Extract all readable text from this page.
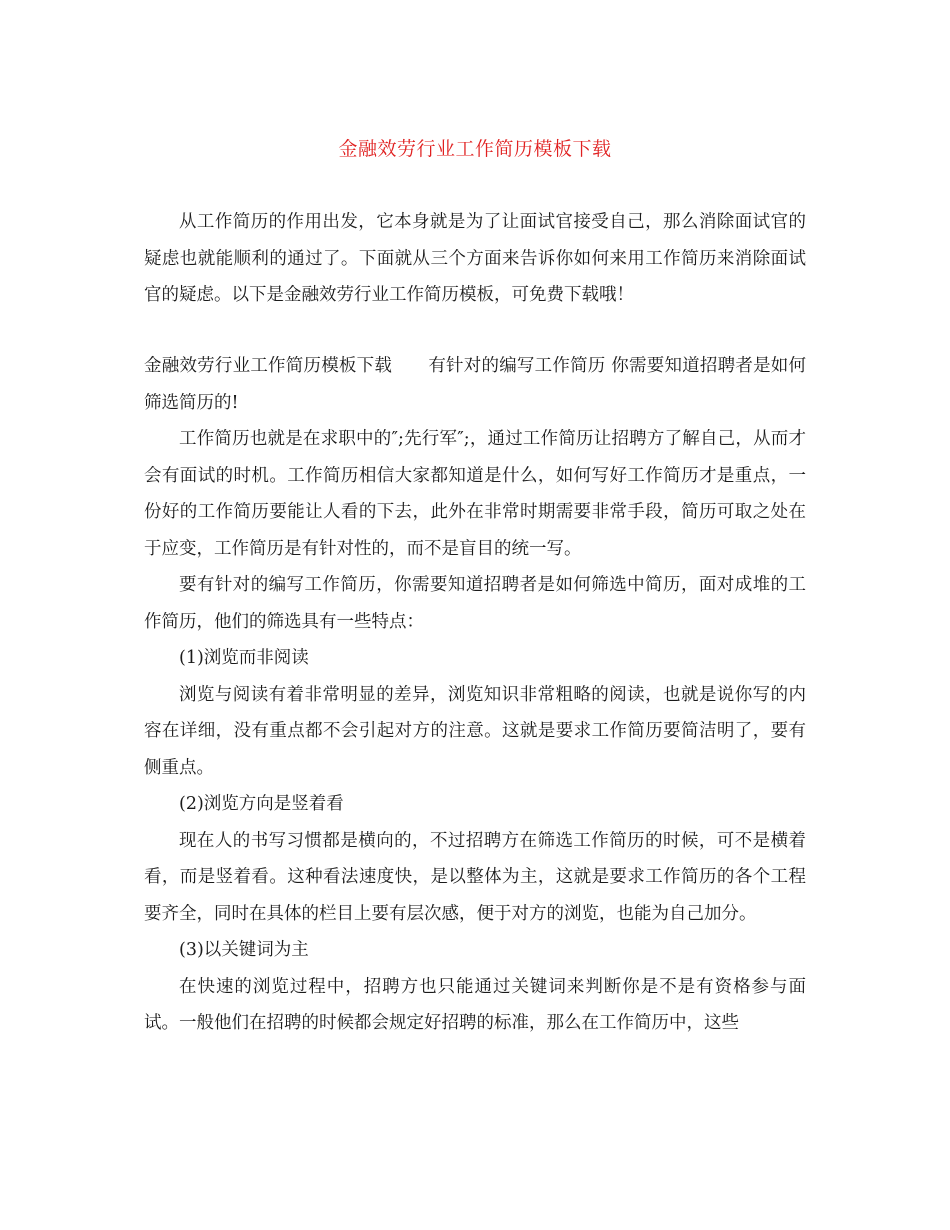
金融效劳行业工作简历模板下载

从工作简历的作用出发，它本身就是为了让面试官接受自己，那么消除面试官的疑虑也就能顺利的通过了。下面就从三个方面来告诉你如何来用工作简历来消除面试官的疑虑。以下是金融效劳行业工作简历模板，可免费下载哦！

金融效劳行业工作简历模板下载 有针对的编写工作简历 你需要知道招聘者是如何筛选简历的!

工作简历也就是在求职中的″;先行军″;，通过工作简历让招聘方了解自己，从而才会有面试的时机。工作简历相信大家都知道是什么，如何写好工作简历才是重点，一份好的工作简历要能让人看的下去，此外在非常时期需要非常手段，简历可取之处在于应变，工作简历是有针对性的，而不是盲目的统一写。

要有针对的编写工作简历，你需要知道招聘者是如何筛选中简历，面对成堆的工作简历，他们的筛选具有一些特点：

(1)浏览而非阅读

浏览与阅读有着非常明显的差异，浏览知识非常粗略的阅读，也就是说你写的内容在详细，没有重点都不会引起对方的注意。这就是要求工作简历要简洁明了，要有侧重点。

(2)浏览方向是竖着看

现在人的书写习惯都是横向的，不过招聘方在筛选工作简历的时候，可不是横着看，而是竖着看。这种看法速度快，是以整体为主，这就是要求工作简历的各个工程要齐全，同时在具体的栏目上要有层次感，便于对方的浏览，也能为自己加分。

(3)以关键词为主

在快速的浏览过程中，招聘方也只能通过关键词来判断你是不是有资格参与面试。一般他们在招聘的时候都会规定好招聘的标准，那么在工作简历中，这些
